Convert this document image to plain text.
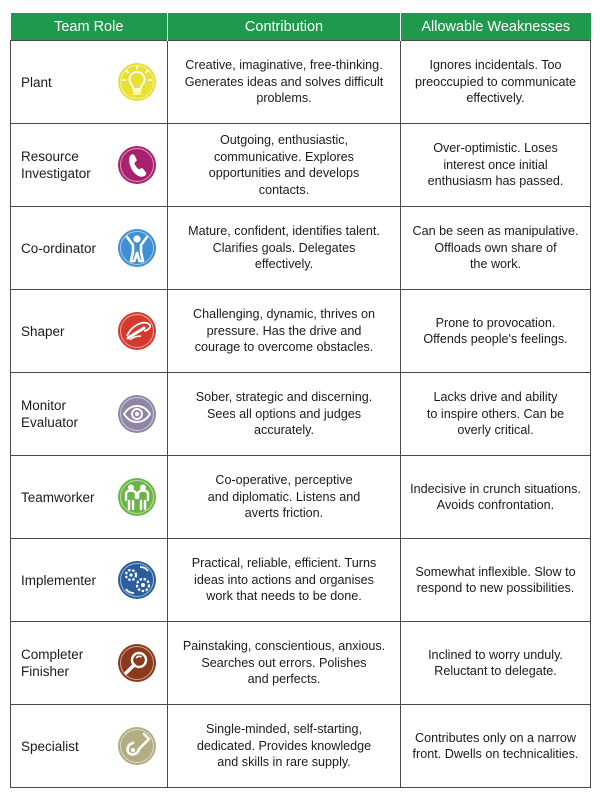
Team Role	Contribution	Allowable Weaknesses

Plant	Creative, imaginative, free-thinking.
Generates ideas and solves difficult
problems.	Ignores incidentals. Too
preoccupied to communicate
effectively.

Resource
Investigator	Outgoing, enthusiastic,
communicative. Explores
opportunities and develops
contacts.	Over-optimistic. Loses
interest once initial
enthusiasm has passed.

Co-ordinator	Mature, confident, identifies talent.
Clarifies goals. Delegates
effectively.	Can be seen as manipulative.
Offloads own share of
the work.

Shaper	Challenging, dynamic, thrives on
pressure. Has the drive and
courage to overcome obstacles.	Prone to provocation.
Offends people's feelings.

Monitor
Evaluator	Sober, strategic and discerning.
Sees all options and judges
accurately.	Lacks drive and ability
to inspire others. Can be
overly critical.

Teamworker	Co-operative, perceptive
and diplomatic. Listens and
averts friction.	Indecisive in crunch situations.
Avoids confrontation.

Implementer	Practical, reliable, efficient. Turns
ideas into actions and organises
work that needs to be done.	Somewhat inflexible. Slow to
respond to new possibilities.

Completer
Finisher	Painstaking, conscientious, anxious.
Searches out errors. Polishes
and perfects.	Inclined to worry unduly.
Reluctant to delegate.

Specialist	Single-minded, self-starting,
dedicated. Provides knowledge
and skills in rare supply.	Contributes only on a narrow
front. Dwells on technicalities.
